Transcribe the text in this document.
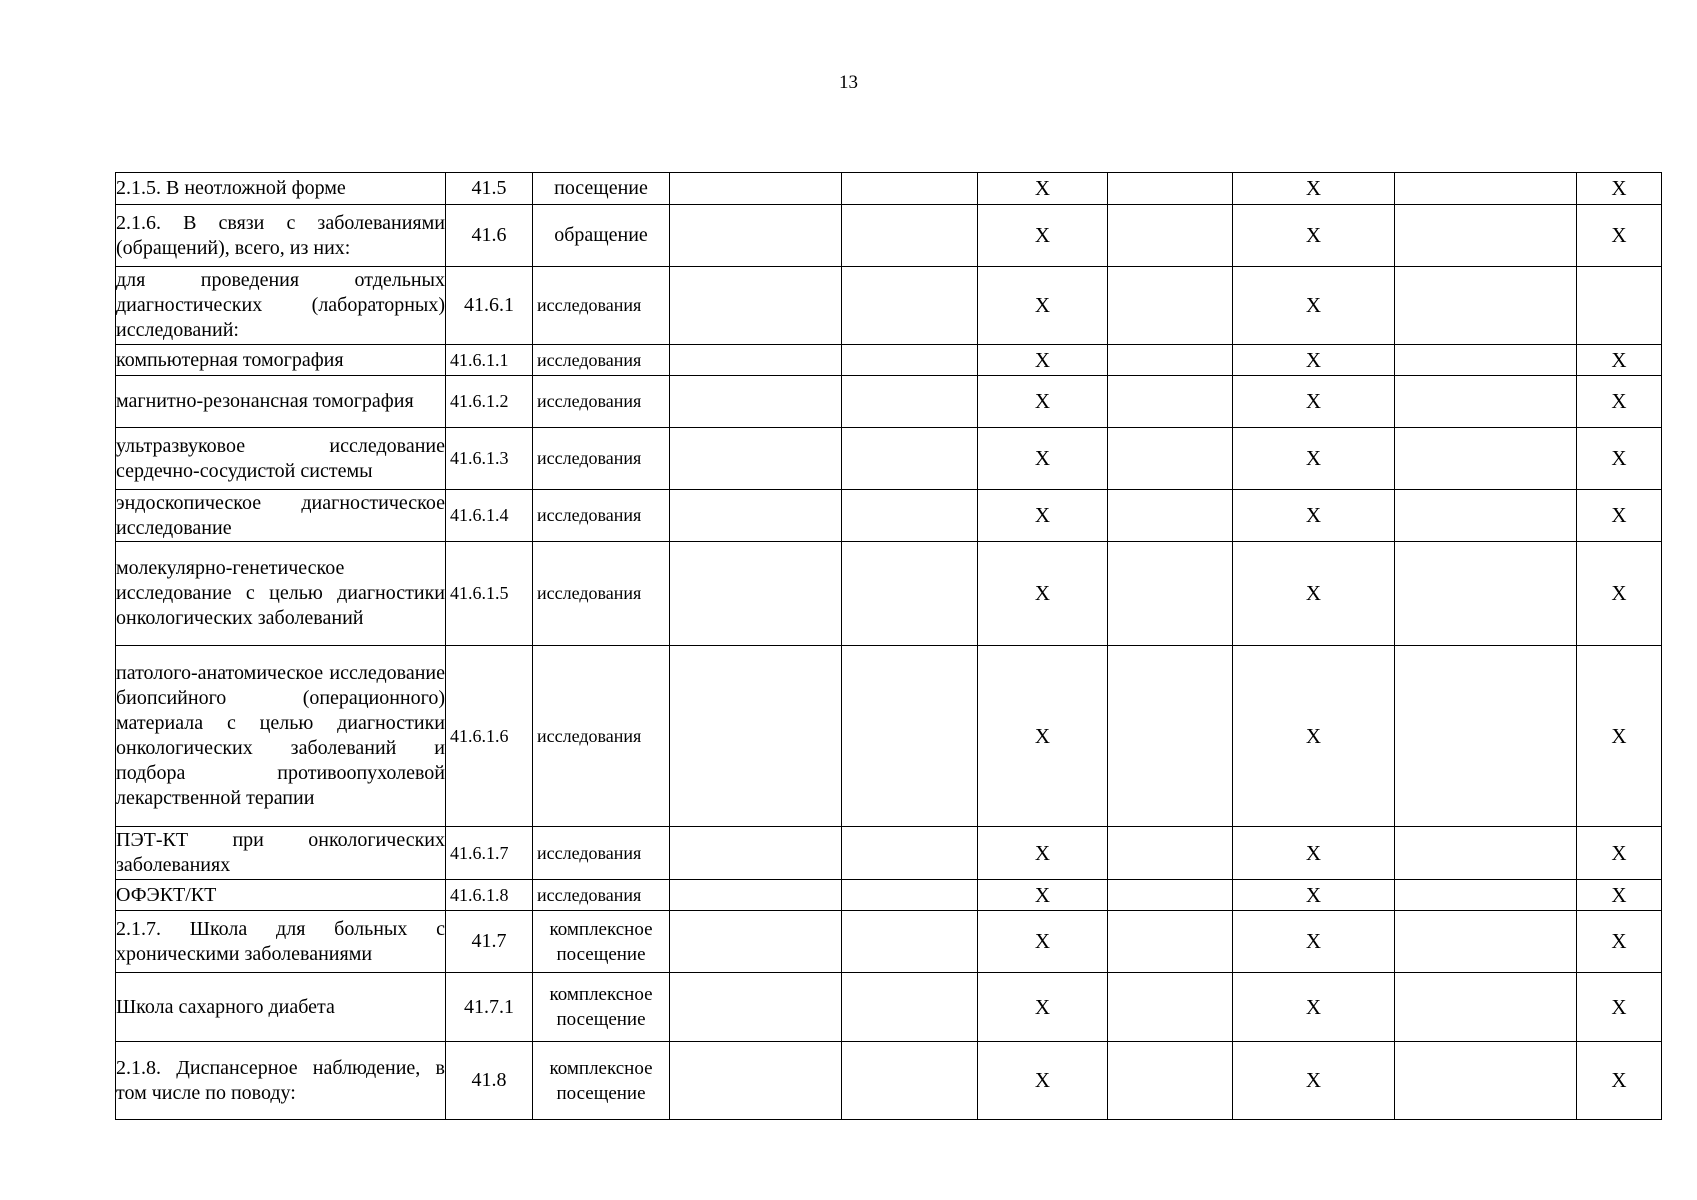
13
2.1.5. В неотложной форме	41.5	посещение			X		X		X
2.1.6. В связи с заболеваниями (обращений), всего, из них:	41.6	обращение			X		X		X
для проведения отдельных диагностических (лабораторных) исследований:	41.6.1	исследования			X		X		
компьютерная томография	41.6.1.1	исследования			X		X		X
магнитно-резонансная томография	41.6.1.2	исследования			X		X		X
ультразвуковое исследование сердечно-сосудистой системы	41.6.1.3	исследования			X		X		X
эндоскопическое диагностическое исследование	41.6.1.4	исследования			X		X		X
молекулярно-генетическое исследование с целью диагностики онкологических заболеваний	41.6.1.5	исследования			X		X		X
патолого-анатомическое исследование биопсийного (операционного) материала с целью диагностики онкологических заболеваний и подбора противоопухолевой лекарственной терапии	41.6.1.6	исследования			X		X		X
ПЭТ-КТ при онкологических заболеваниях	41.6.1.7	исследования			X		X		X
ОФЭКТ/КТ	41.6.1.8	исследования			X		X		X
2.1.7. Школа для больных с хроническими заболеваниями	41.7	комплексное посещение			X		X		X
Школа сахарного диабета	41.7.1	комплексное посещение			X		X		X
2.1.8. Диспансерное наблюдение, в том числе по поводу:	41.8	комплексное посещение			X		X		X
